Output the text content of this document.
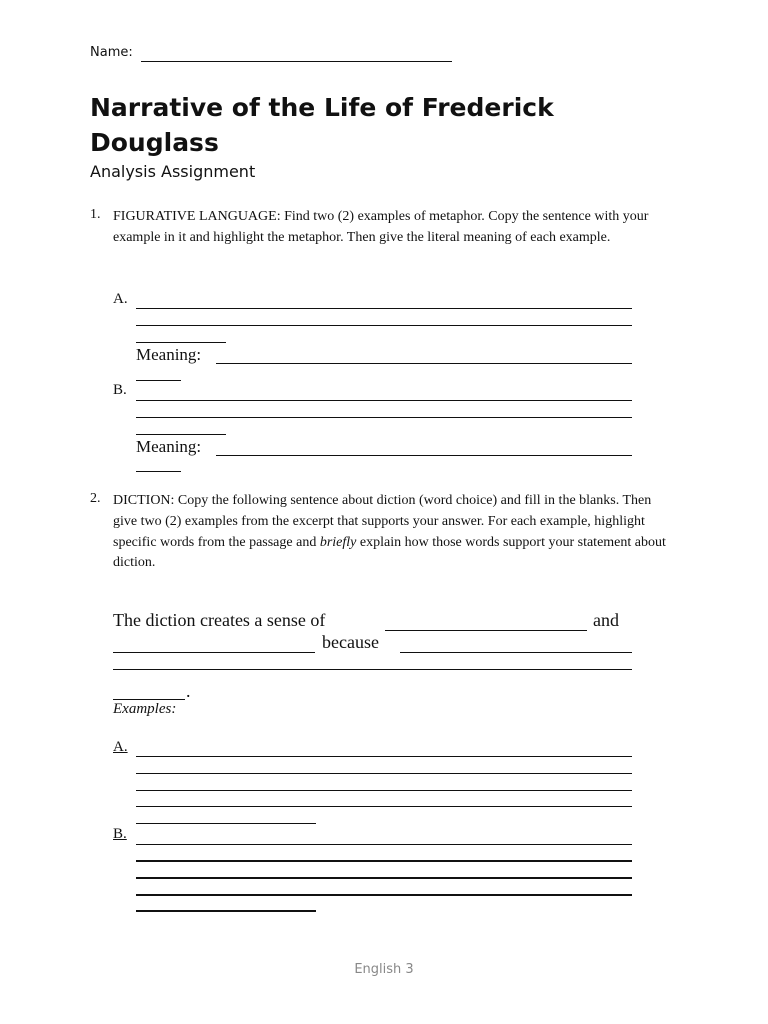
Name:
Narrative of the Life of Frederick Douglass
Analysis Assignment
1. FIGURATIVE LANGUAGE: Find two (2) examples of metaphor. Copy the sentence with your example in it and highlight the metaphor. Then give the literal meaning of each example.
A.
Meaning:
B.
Meaning:
2. DICTION: Copy the following sentence about diction (word choice) and fill in the blanks. Then give two (2) examples from the excerpt that supports your answer. For each example, highlight specific words from the passage and briefly explain how those words support your statement about diction.
The diction creates a sense of	and
because
.
Examples:
A.
B.
English 3
